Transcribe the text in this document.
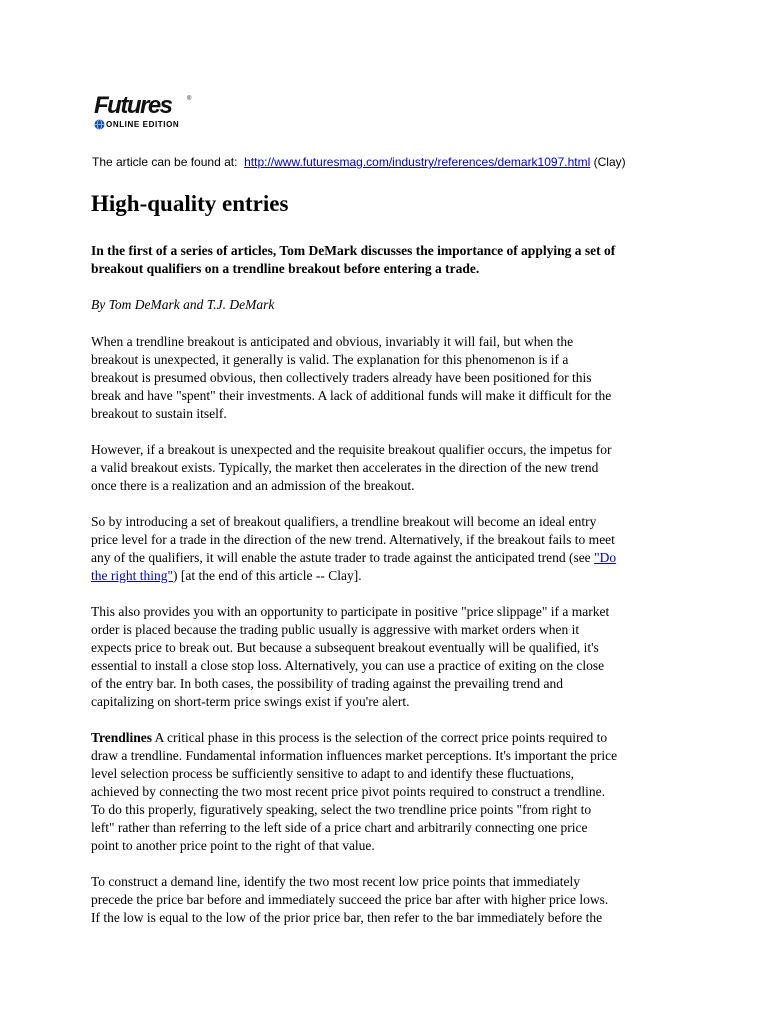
Futures	®
ONLINE EDITION
The article can be found at: http://www.futuresmag.com/industry/references/demark1097.html (Clay)
High-quality entries

In the first of a series of articles, Tom DeMark discusses the importance of applying a set of
breakout qualifiers on a trendline breakout before entering a trade.

By Tom DeMark and T.J. DeMark

When a trendline breakout is anticipated and obvious, invariably it will fail, but when the
breakout is unexpected, it generally is valid. The explanation for this phenomenon is if a
breakout is presumed obvious, then collectively traders already have been positioned for this
break and have "spent" their investments. A lack of additional funds will make it difficult for the
breakout to sustain itself.

However, if a breakout is unexpected and the requisite breakout qualifier occurs, the impetus for
a valid breakout exists. Typically, the market then accelerates in the direction of the new trend
once there is a realization and an admission of the breakout.

So by introducing a set of breakout qualifiers, a trendline breakout will become an ideal entry
price level for a trade in the direction of the new trend. Alternatively, if the breakout fails to meet
any of the qualifiers, it will enable the astute trader to trade against the anticipated trend (see "Do
the right thing") [at the end of this article -- Clay].

This also provides you with an opportunity to participate in positive "price slippage" if a market
order is placed because the trading public usually is aggressive with market orders when it
expects price to break out. But because a subsequent breakout eventually will be qualified, it's
essential to install a close stop loss. Alternatively, you can use a practice of exiting on the close
of the entry bar. In both cases, the possibility of trading against the prevailing trend and
capitalizing on short-term price swings exist if you're alert.

Trendlines A critical phase in this process is the selection of the correct price points required to
draw a trendline. Fundamental information influences market perceptions. It's important the price
level selection process be sufficiently sensitive to adapt to and identify these fluctuations,
achieved by connecting the two most recent price pivot points required to construct a trendline.
To do this properly, figuratively speaking, select the two trendline price points "from right to
left" rather than referring to the left side of a price chart and arbitrarily connecting one price
point to another price point to the right of that value.

To construct a demand line, identify the two most recent low price points that immediately
precede the price bar before and immediately succeed the price bar after with higher price lows.
If the low is equal to the low of the prior price bar, then refer to the bar immediately before the
